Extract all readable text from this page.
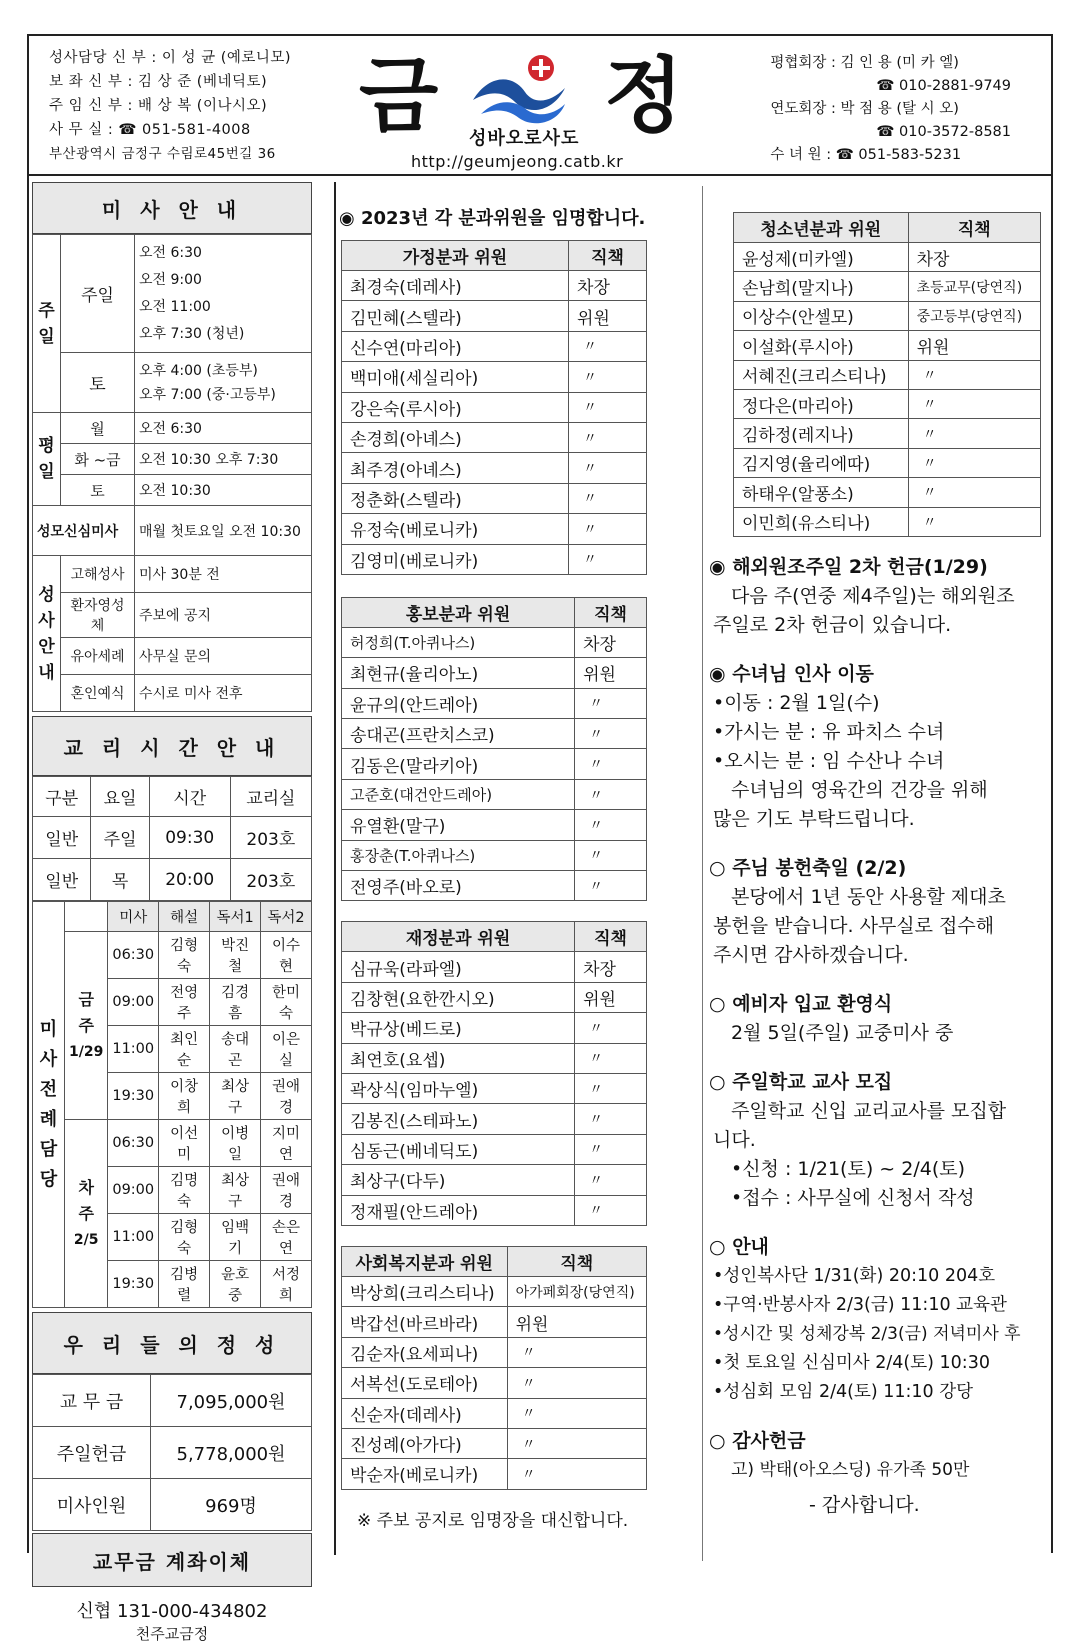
성사담당 신 부 : 이 성 균 (예로니모)
보 좌 신 부 : 김 상 준 (베네딕토)
주 임 신 부 : 배 상 복 (이나시오)
사 무 실 : ☎ 051-581-4008
부산광역시 금정구 수림로45번길 36
금 성바오로사도 정
http://geumjeong.catb.kr
평협회장 : 김 인 용 (미 카 엘)
☎ 010-2881-9749
연도회장 : 박 점 용 (탈 시 오)
☎ 010-3572-8581
수 녀 원 : ☎ 051-583-5231
미 사 안 내
주 일	주일	오전 6:30
오전 9:00
오전 11:00
오후 7:30 (청년)

	토	오후 4:00 (초등부)
오후 7:00 (중·고등부)

평 일	월	오전 6:30
	화 ~금	오전 10:30 오후 7:30
	토	오전 10:30
성모신심미사		매월 첫토요일 오전 10:30
성 사 안 내	고해성사	미사 30분 전
	환자영성체	주보에 공지
	유아세례	사무실 문의
	혼인예식	수시로 미사 전후
교 리 시 간 안 내
구분	요일	시간	교리실
일반	주일	09:30	203호
일반	목	20:00	203호
미 사 전 례 담 당		미사	해설	독서1	독서2

	금 주
1/29	06:30	김형숙	박진철	이수현
		09:00	전영주	김경흠	한미숙
		11:00	최인순	송대곤	이은실
		19:30	이창희	최상구	권애경

	차 주
2/5	06:30	이선미	이병일	지미연
		09:00	김명숙	최상구	권애경
		11:00	김형숙	임백기	손은연
		19:30	김병렬	윤호중	서정희
우 리 들 의 정 성
교 무 금	7,095,000원
주일헌금	5,778,000원
미사인원	969명
교무금 계좌이체
신협 131-000-434802
천주교금정
◉ 2023년 각 분과위원을 임명합니다.
가정분과 위원	직책
최경숙(데레사)	차장
김민혜(스텔라)	위원
신수연(마리아)	〃
백미애(세실리아)	〃
강은숙(루시아)	〃
손경희(아녜스)	〃
최주경(아녜스)	〃
정춘화(스텔라)	〃
유정숙(베로니카)	〃
김영미(베로니카)	〃
홍보분과 위원	직책
허정희(T.아퀴나스)	차장
최현규(율리아노)	위원
윤규의(안드레아)	〃
송대곤(프란치스코)	〃
김동은(말라키아)	〃
고준호(대건안드레아)	〃
유열환(말구)	〃
홍장춘(T.아퀴나스)	〃
전영주(바오로)	〃
재정분과 위원	직책
심규욱(라파엘)	차장
김창현(요한깐시오)	위원
박규상(베드로)	〃
최연호(요셉)	〃
곽상식(임마누엘)	〃
김봉진(스테파노)	〃
심동근(베네딕도)	〃
최상구(다두)	〃
정재필(안드레아)	〃
사회복지분과 위원	직책
박상희(크리스티나)	아가페회장(당연직)
박갑선(바르바라)	위원
김순자(요세피나)	〃
서복선(도로테아)	〃
신순자(데레사)	〃
진성례(아가다)	〃
박순자(베로니카)	〃
※ 주보 공지로 임명장을 대신합니다.
청소년분과 위원	직책
윤성제(미카엘)	차장
손남희(말지나)	초등교무(당연직)
이상수(안셀모)	중고등부(당연직)
이설화(루시아)	위원
서혜진(크리스티나)	〃
정다은(마리아)	〃
김하정(레지나)	〃
김지영(율리에따)	〃
하태우(알퐁소)	〃
이민희(유스티나)	〃
◉ 해외원조주일 2차 헌금(1/29)
다음 주(연중 제4주일)는 해외원조
주일로 2차 헌금이 있습니다.
◉ 수녀님 인사 이동
•이동 : 2월 1일(수)
•가시는 분 : 유 파치스 수녀
•오시는 분 : 임 수산나 수녀
수녀님의 영육간의 건강을 위해
많은 기도 부탁드립니다.
○ 주님 봉헌축일 (2/2)
본당에서 1년 동안 사용할 제대초
봉헌을 받습니다. 사무실로 접수해
주시면 감사하겠습니다.
○ 예비자 입교 환영식
2월 5일(주일) 교중미사 중
○ 주일학교 교사 모집
주일학교 신입 교리교사를 모집합
니다.
•신청 : 1/21(토) ~ 2/4(토)
•접수 : 사무실에 신청서 작성
○ 안내
•성인복사단 1/31(화) 20:10 204호
•구역·반봉사자 2/3(금) 11:10 교육관
•성시간 및 성체강복 2/3(금) 저녁미사 후
•첫 토요일 신심미사 2/4(토) 10:30
•성심회 모임 2/4(토) 11:10 강당
○ 감사헌금
고) 박태(아오스딩) 유가족 50만
- 감사합니다.
